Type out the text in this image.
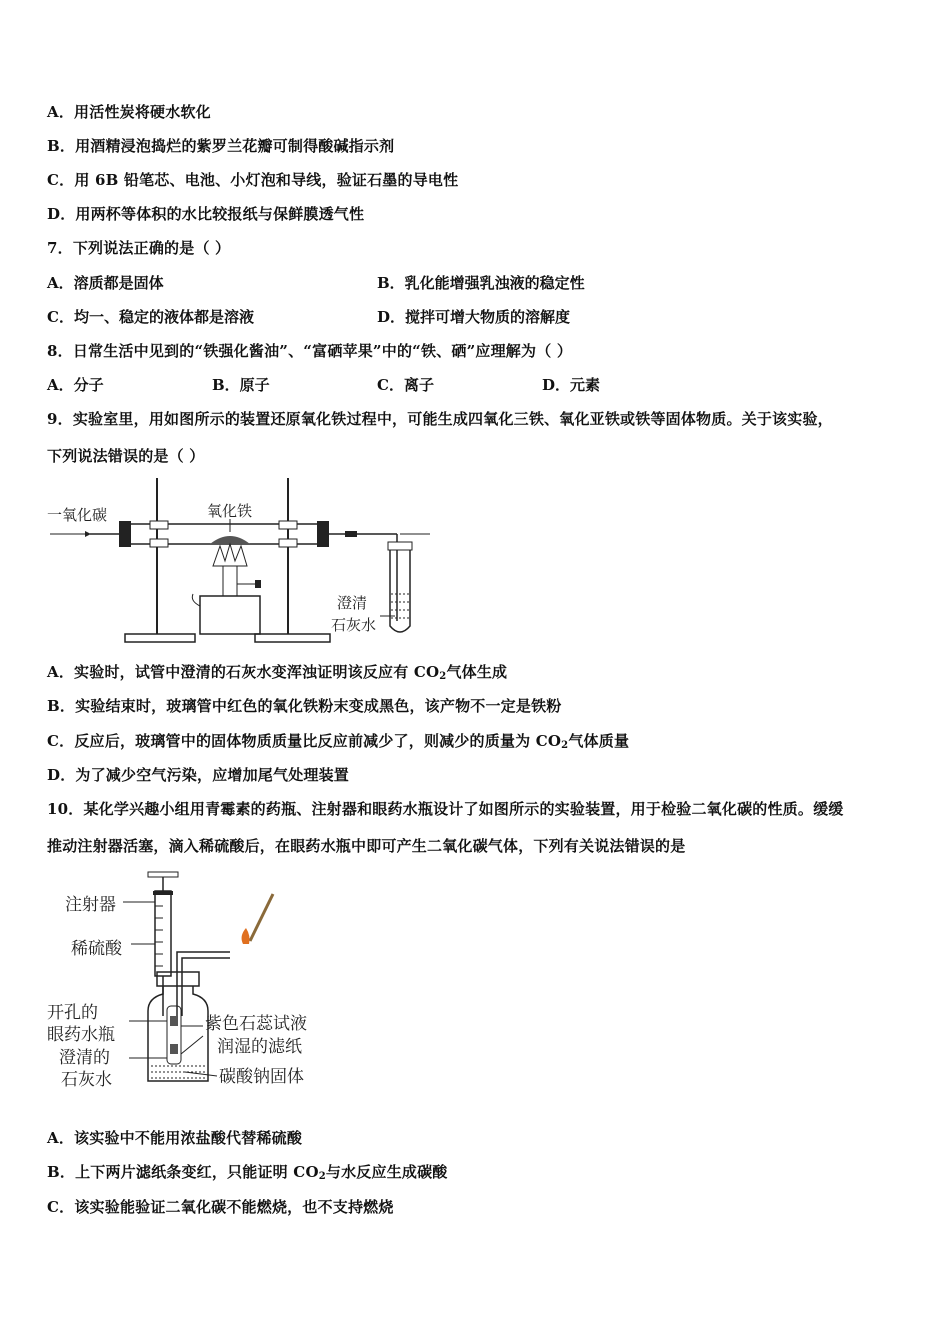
A．用活性炭将硬水软化
B．用酒精浸泡捣烂的紫罗兰花瓣可制得酸碱指示剂
C．用 6B 铅笔芯、电池、小灯泡和导线，验证石墨的导电性
D．用两杯等体积的水比较报纸与保鲜膜透气性
7．下列说法正确的是（ ）
A．溶质都是固体	B．乳化能增强乳浊液的稳定性
C．均一、稳定的液体都是溶液	D．搅拌可增大物质的溶解度
8．日常生活中见到的“铁强化酱油”、“富硒苹果”中的“铁、硒”应理解为（ ）
A．分子	B．原子	C．离子	D．元素
9．实验室里，用如图所示的装置还原氧化铁过程中，可能生成四氧化三铁、氧化亚铁或铁等固体物质。关于该实验，
下列说法错误的是（ ）
一氧化碳	氧化铁
澄清
石灰水
A．实验时，试管中澄清的石灰水变浑浊证明该反应有 $CO_2$气体生成
B．实验结束时，玻璃管中红色的氧化铁粉末变成黑色，该产物不一定是铁粉
C．反应后，玻璃管中的固体物质质量比反应前减少了，则减少的质量为 $CO_2$气体质量
D．为了减少空气污染，应增加尾气处理装置
10．某化学兴趣小组用青霉素的药瓶、注射器和眼药水瓶设计了如图所示的实验装置，用于检验二氧化碳的性质。缓缓
推动注射器活塞，滴入稀硫酸后，在眼药水瓶中即可产生二氧化碳气体，下列有关说法错误的是
注射器
稀硫酸
开孔的
眼药水瓶
澄清的
石灰水
紫色石蕊试液
润湿的滤纸
碳酸钠固体
A．该实验中不能用浓盐酸代替稀硫酸
B．上下两片滤纸条变红，只能证明 $CO_2$与水反应生成碳酸
C．该实验能验证二氧化碳不能燃烧，也不支持燃烧
